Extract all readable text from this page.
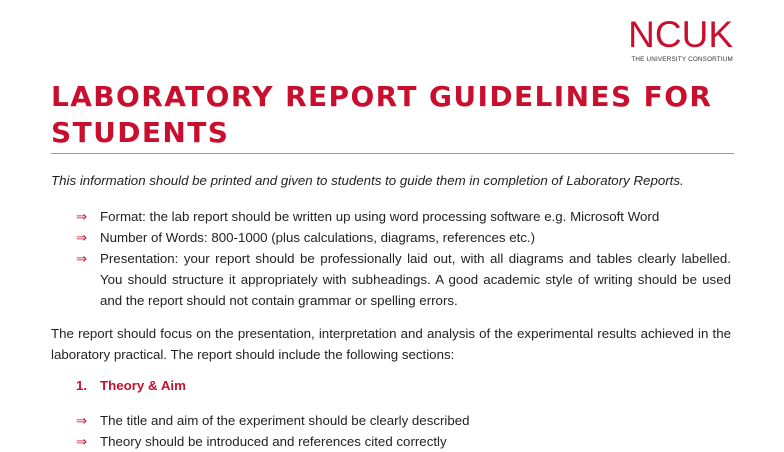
NCUK
THE UNIVERSITY CONSORTIUM
LABORATORY REPORT GUIDELINES FOR STUDENTS

This information should be printed and given to students to guide them in completion of Laboratory Reports.

⇒ Format: the lab report should be written up using word processing software e.g. Microsoft Word
⇒ Number of Words: 800-1000 (plus calculations, diagrams, references etc.)
⇒ Presentation: your report should be professionally laid out, with all diagrams and tables clearly labelled. You should structure it appropriately with subheadings. A good academic style of writing should be used and the report should not contain grammar or spelling errors.

The report should focus on the presentation, interpretation and analysis of the experimental results achieved in the laboratory practical. The report should include the following sections:

1. Theory & Aim
⇒ The title and aim of the experiment should be clearly described
⇒ Theory should be introduced and references cited correctly
